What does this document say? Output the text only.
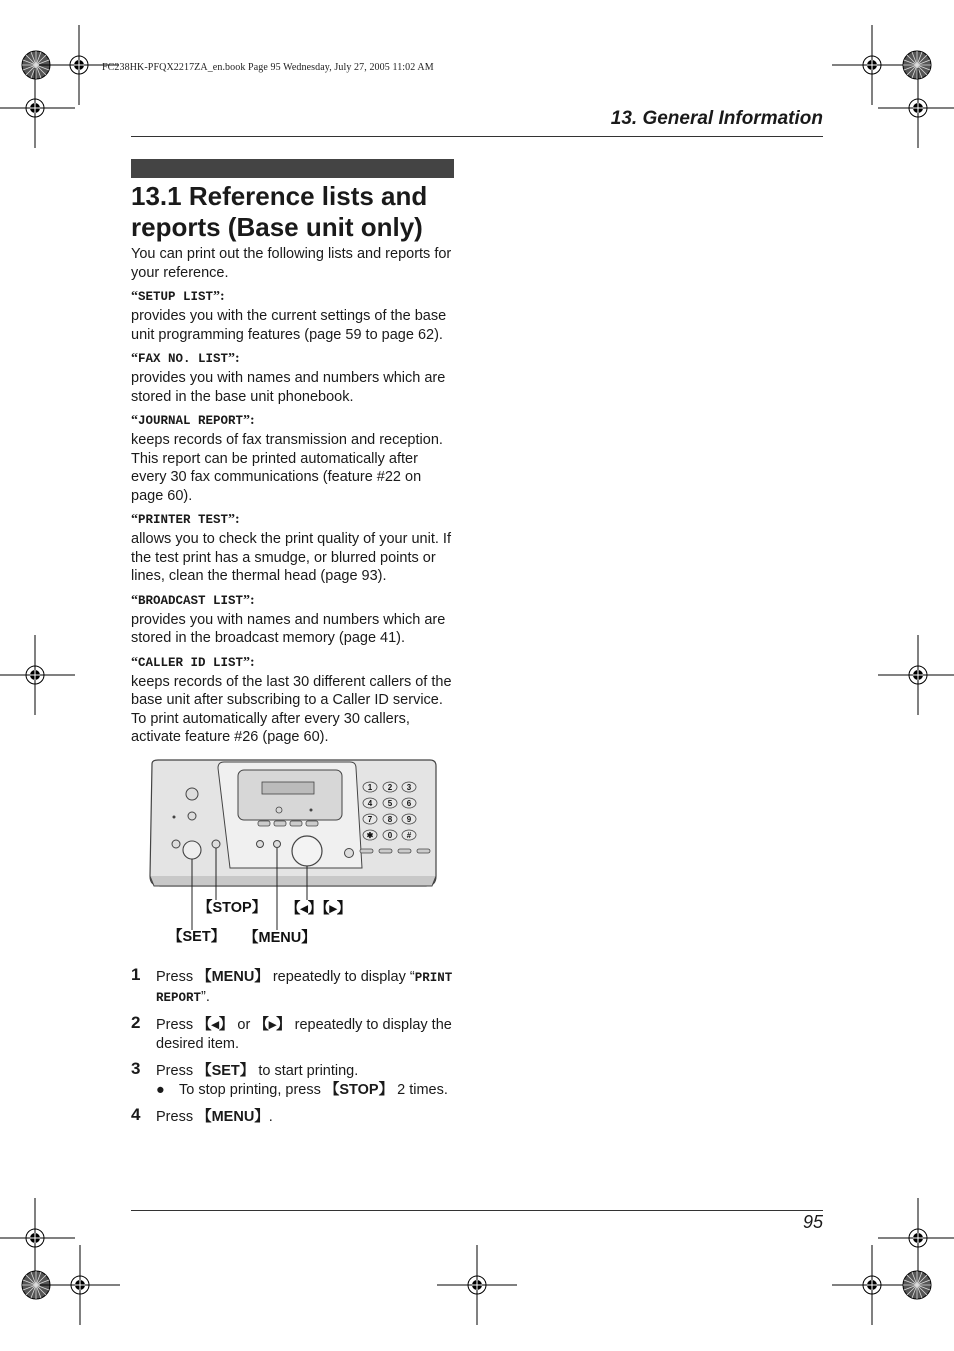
FC238HK-PFQX2217ZA_en.book Page 95 Wednesday, July 27, 2005 11:02 AM
13. General Information
13.1 Reference lists and reports (Base unit only)
You can print out the following lists and reports for your reference.
“SETUP LIST”:
provides you with the current settings of the base unit programming features (page 59 to page 62).
“FAX NO. LIST”:
provides you with names and numbers which are stored in the base unit phonebook.
“JOURNAL REPORT”:
keeps records of fax transmission and reception. This report can be printed automatically after every 30 fax communications (feature #22 on page 60).
“PRINTER TEST”:
allows you to check the print quality of your unit. If the test print has a smudge, or blurred points or lines, clean the thermal head (page 93).
“BROADCAST LIST”:
provides you with names and numbers which are stored in the broadcast memory (page 41).
“CALLER ID LIST”:
keeps records of the last 30 different callers of the base unit after subscribing to a Caller ID service. To print automatically after every 30 callers, activate feature #26 (page 60).
1 2 3
4 5 6
7 8 9
✱ 0 #
【STOP】 【◂】【▸】
【SET】 【MENU】
1 Press 【MENU】 repeatedly to display “PRINT REPORT”.
2 Press 【◂】 or 【▸】 repeatedly to display the desired item.
3 Press 【SET】 to start printing.
● To stop printing, press 【STOP】 2 times.
4 Press 【MENU】.
95
